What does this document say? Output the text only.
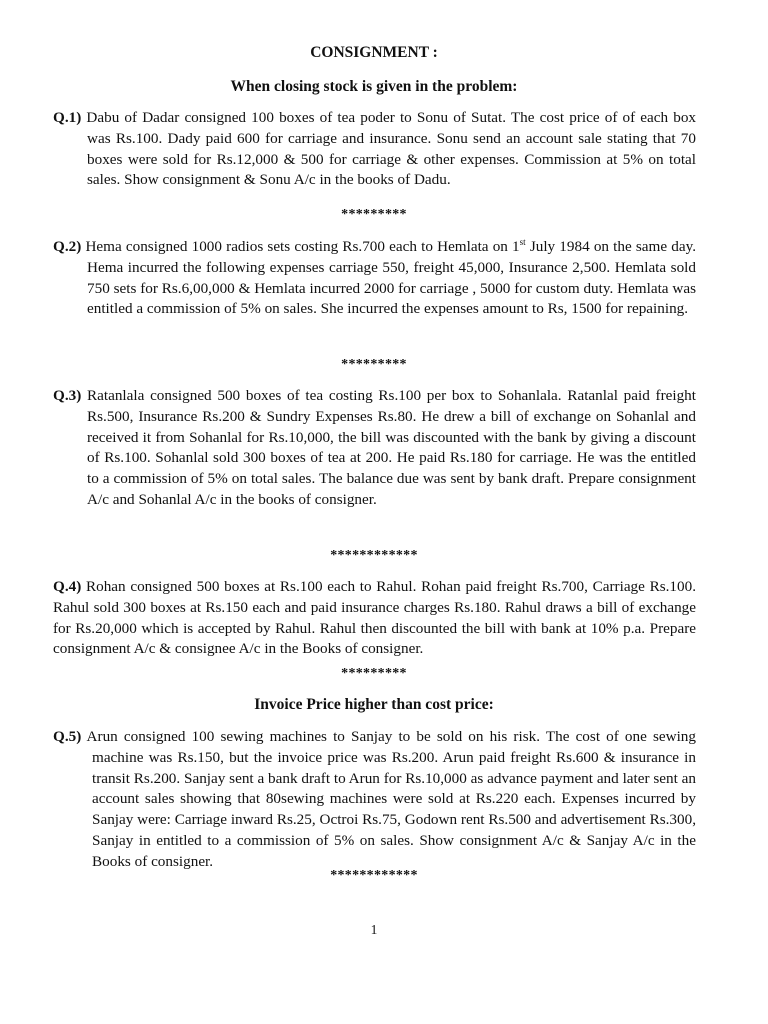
CONSIGNMENT :
When closing stock is given in the problem:
Q.1) Dabu of Dadar consigned 100 boxes of tea poder to Sonu of Sutat. The cost price of of each box was Rs.100. Dady paid 600 for carriage and insurance. Sonu send an account sale stating that 70 boxes were sold for Rs.12,000 & 500 for carriage & other expenses. Commission at 5% on total sales. Show consignment & Sonu A/c in the books of Dadu.
*********
Q.2) Hema consigned 1000 radios sets costing Rs.700 each to Hemlata on 1st July 1984 on the same day. Hema incurred the following expenses carriage 550, freight 45,000, Insurance 2,500. Hemlata sold 750 sets for Rs.6,00,000 & Hemlata incurred 2000 for carriage , 5000 for custom duty. Hemlata was entitled a commission of 5% on sales. She incurred the expenses amount to Rs, 1500 for repaining.
*********
Q.3) Ratanlala consigned 500 boxes of tea costing Rs.100 per box to Sohanlala. Ratanlal paid freight Rs.500, Insurance Rs.200 & Sundry Expenses Rs.80. He drew a bill of exchange on Sohanlal and received it from Sohanlal for Rs.10,000, the bill was discounted with the bank by giving a discount of Rs.100. Sohanlal sold 300 boxes of tea at 200. He paid Rs.180 for carriage. He was the entitled to a commission of 5% on total sales. The balance due was sent by bank draft. Prepare consignment A/c and Sohanlal A/c in the books of consigner.
************
Q.4) Rohan consigned 500 boxes at Rs.100 each to Rahul. Rohan paid freight Rs.700, Carriage Rs.100. Rahul sold 300 boxes at Rs.150 each and paid insurance charges Rs.180. Rahul draws a bill of exchange for Rs.20,000 which is accepted by Rahul. Rahul then discounted the bill with bank at 10% p.a. Prepare consignment A/c & consignee A/c in the Books of consigner.
*********
Invoice Price higher than cost price:
Q.5) Arun consigned 100 sewing machines to Sanjay to be sold on his risk. The cost of one sewing machine was Rs.150, but the invoice price was Rs.200. Arun paid freight Rs.600 & insurance in transit Rs.200. Sanjay sent a bank draft to Arun for Rs.10,000 as advance payment and later sent an account sales showing that 80sewing machines were sold at Rs.220 each. Expenses incurred by Sanjay were: Carriage inward Rs.25, Octroi Rs.75, Godown rent Rs.500 and advertisement Rs.300, Sanjay in entitled to a commission of 5% on sales. Show consignment A/c & Sanjay A/c in the Books of consigner.
************
1
